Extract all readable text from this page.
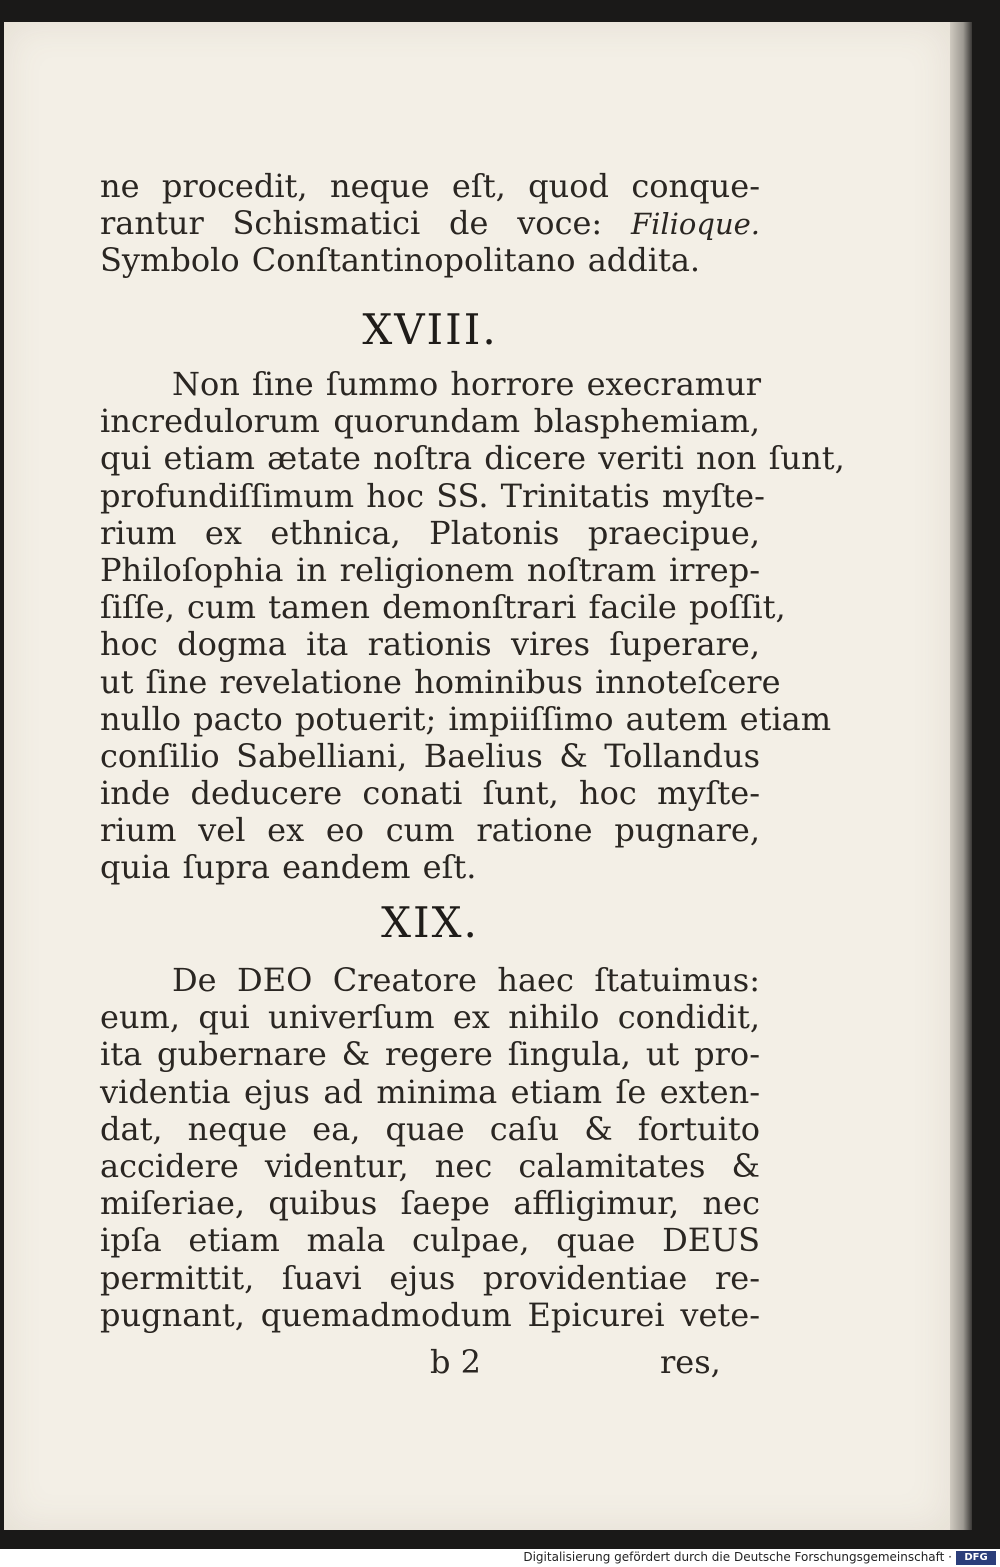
ne procedit, neque eſt, quod conque-
rantur Schismatici de voce: Filioque.
Symbolo Conſtantinopolitano addita.
XVIII.
Non ſine ſummo horrore execramur
incredulorum quorundam blasphemiam,
qui etiam ætate noſtra dicere veriti non ſunt,
profundiſſimum hoc SS. Trinitatis myſte-
rium ex ethnica, Platonis praecipue,
Philoſophia in religionem noſtram irrep-
ſiſſe, cum tamen demonſtrari facile poſſit,
hoc dogma ita rationis vires ſuperare,
ut ſine revelatione hominibus innoteſcere
nullo pacto potuerit; impiiſſimo autem etiam
conſilio Sabelliani, Baelius & Tollandus
inde deducere conati ſunt, hoc myſte-
rium vel ex eo cum ratione pugnare,
quia ſupra eandem eſt.
XIX.
De DEO Creatore haec ſtatuimus:
eum, qui univerſum ex nihilo condidit,
ita gubernare & regere ſingula, ut pro-
videntia ejus ad minima etiam ſe exten-
dat, neque ea, quae caſu & fortuito
accidere videntur, nec calamitates &
miſeriae, quibus ſaepe affligimur, nec
ipſa etiam mala culpae, quae DEUS
permittit, ſuavi ejus providentiae re-
pugnant, quemadmodum Epicurei vete-
b 2	res,
Digitalisierung gefördert durch die Deutsche Forschungsgemeinschaft ·	DFG
